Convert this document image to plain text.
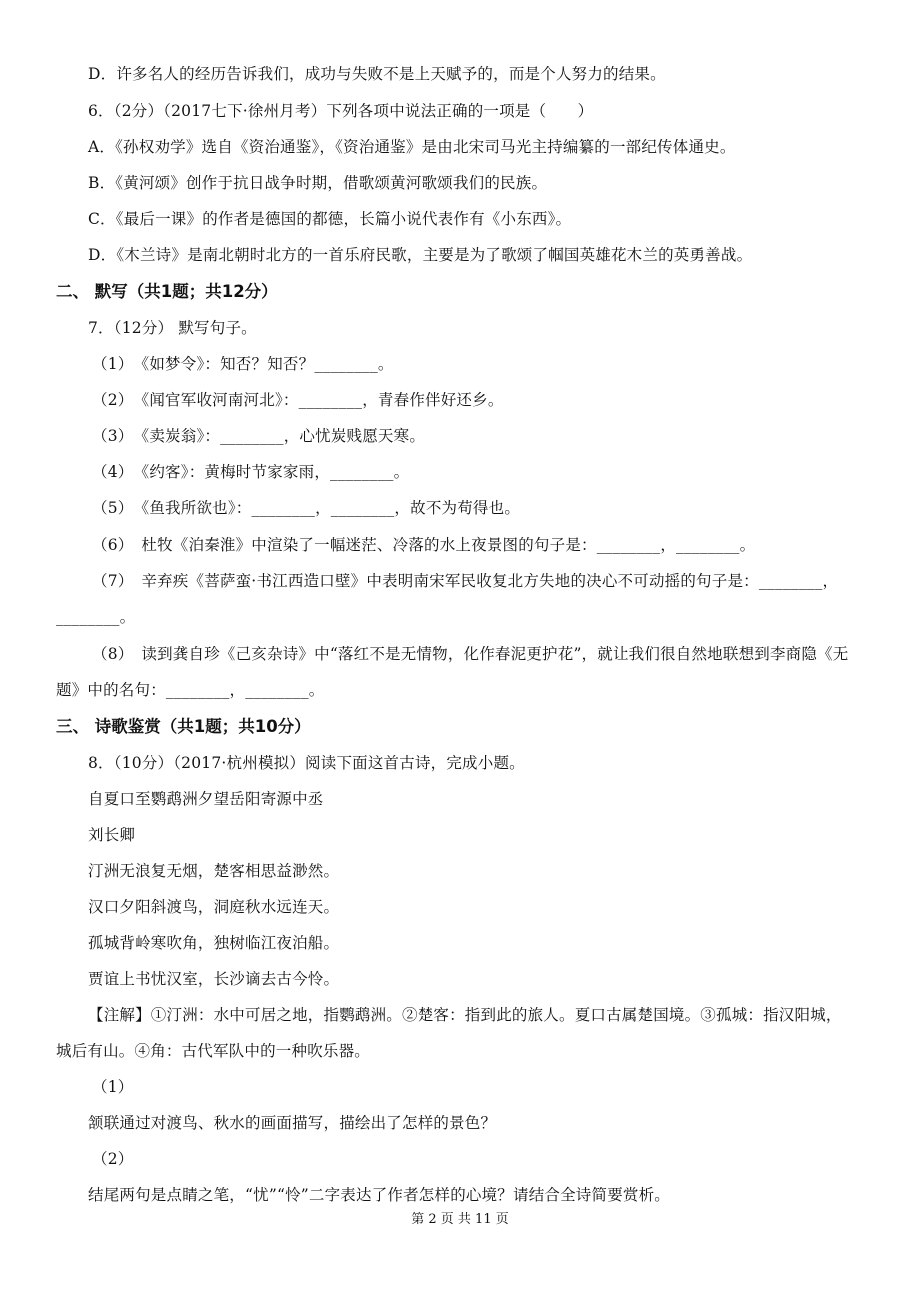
D．许多名人的经历告诉我们，成功与失败不是上天赋予的，而是个人努力的结果。
6．（2分）（2017七下·徐州月考）下列各项中说法正确的一项是（　　）
A．《孙权劝学》选自《资治通鉴》，《资治通鉴》是由北宋司马光主持编纂的一部纪传体通史。
B．《黄河颂》创作于抗日战争时期，借歌颂黄河歌颂我们的民族。
C．《最后一课》的作者是德国的都德，长篇小说代表作有《小东西》。
D．《木兰诗》是南北朝时北方的一首乐府民歌，主要是为了歌颂了帼国英雄花木兰的英勇善战。
二、 默写（共1题；共12分）
7．（12分） 默写句子。
（1）　《如梦令》：知否？知否？________。
（2）　《闻官军收河南河北》：________，青春作伴好还乡。
（3）　《卖炭翁》：________，心忧炭贱愿天寒。
（4）　《约客》：黄梅时节家家雨，________。
（5）　《鱼我所欲也》：________，________，故不为苟得也。
（6）　杜牧《泊秦淮》中渲染了一幅迷茫、冷落的水上夜景图的句子是：________，________。
（7）　辛弃疾《菩萨蛮·书江西造口壁》中表明南宋军民收复北方失地的决心不可动摇的句子是：________，
________。
（8）　读到龚自珍《己亥杂诗》中“落红不是无情物，化作春泥更护花”，就让我们很自然地联想到李商隐《无
题》中的名句：________，________。
三、 诗歌鉴赏（共1题；共10分）
8．（10分）（2017·杭州模拟）阅读下面这首古诗，完成小题。
自夏口至鹦鹉洲夕望岳阳寄源中丞
刘长卿
汀洲无浪复无烟，楚客相思益渺然。
汉口夕阳斜渡鸟，洞庭秋水远连天。
孤城背岭寒吹角，独树临江夜泊船。
贾谊上书忧汉室，长沙谪去古今怜。
【注解】①汀洲：水中可居之地，指鹦鹉洲。②楚客：指到此的旅人。夏口古属楚国境。③孤城：指汉阳城，
城后有山。④角：古代军队中的一种吹乐器。
（1）
颔联通过对渡鸟、秋水的画面描写，描绘出了怎样的景色？
（2）
结尾两句是点睛之笔，“忧”“怜”二字表达了作者怎样的心境？请结合全诗简要赏析。
第 2 页 共 11 页
